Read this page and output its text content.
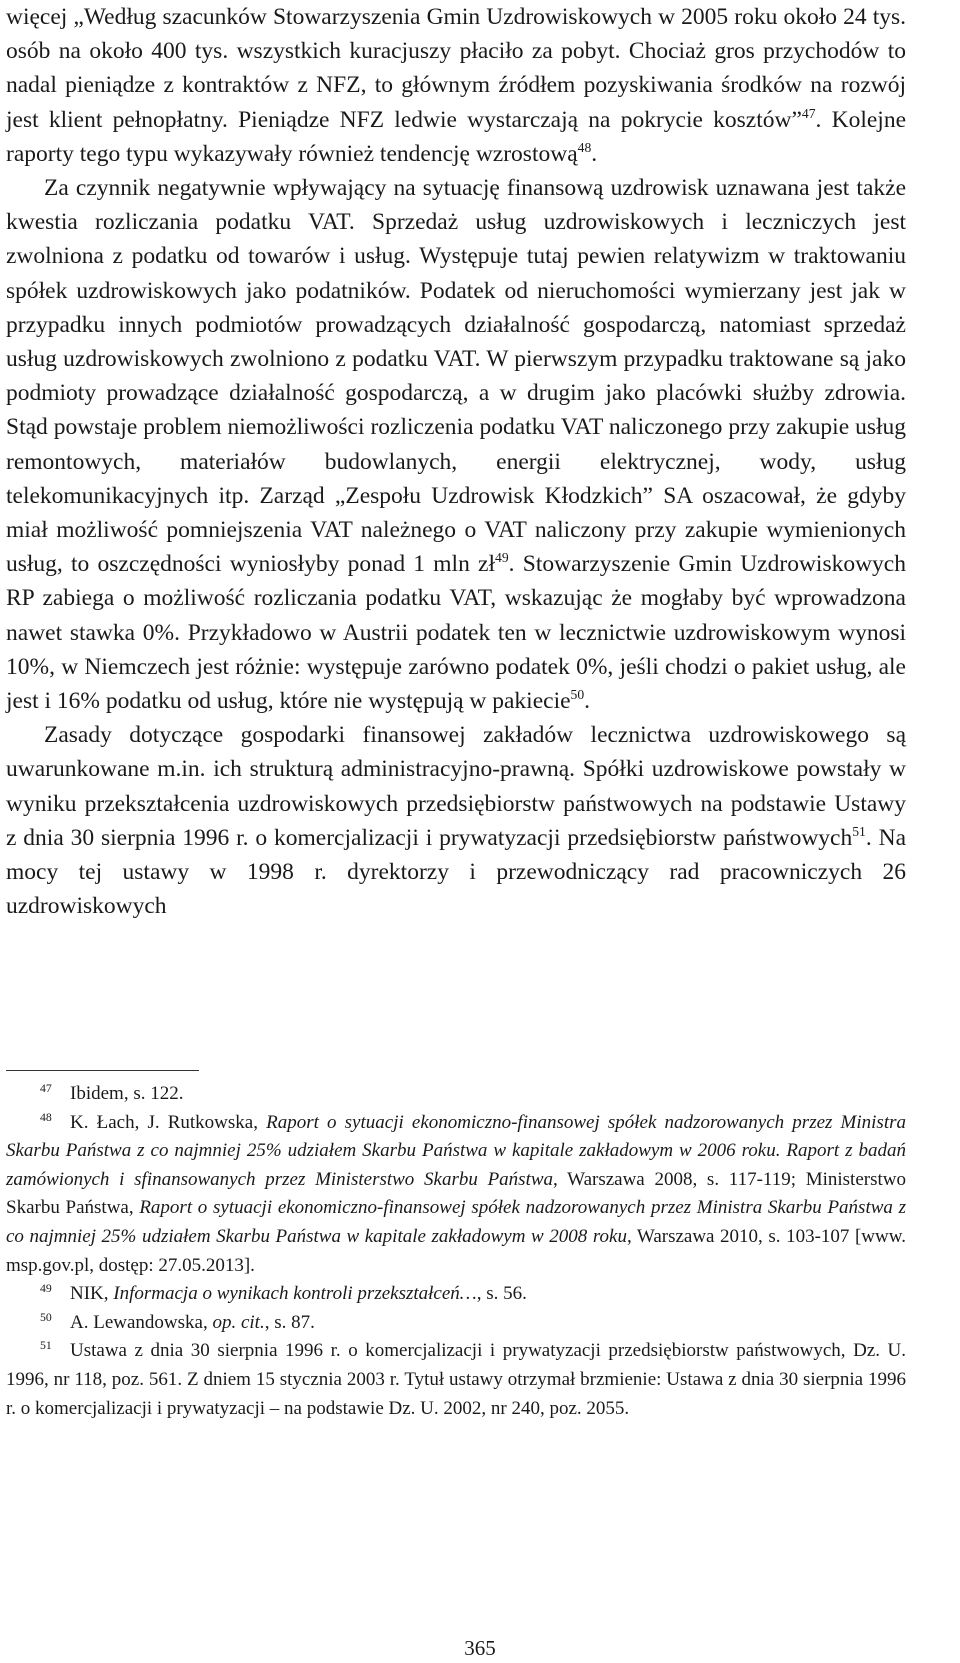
więcej „Według szacunków Stowarzyszenia Gmin Uzdrowiskowych w 2005 roku około 24 tys. osób na około 400 tys. wszystkich kuracjuszy płaciło za pobyt. Chociaż gros przychodów to nadal pieniądze z kontraktów z NFZ, to głównym źródłem pozyskiwania środków na rozwój jest klient pełnopłatny. Pieniądze NFZ ledwie wystarczają na pokrycie kosztów”$^{47}$. Kolejne raporty tego typu wykazywały również tendencję wzrostową$^{48}$.

Za czynnik negatywnie wpływający na sytuację finansową uzdrowisk uznawana jest także kwestia rozliczania podatku VAT. Sprzedaż usług uzdrowiskowych i leczniczych jest zwolniona z podatku od towarów i usług. Występuje tutaj pewien relatywizm w traktowaniu spółek uzdrowiskowych jako podatników. Podatek od nieruchomości wymierzany jest jak w przypadku innych podmiotów prowadzących działalność gospodarczą, natomiast sprzedaż usług uzdrowiskowych zwolniono z podatku VAT. W pierwszym przypadku traktowane są jako podmioty prowadzące działalność gospodarczą, a w drugim jako placówki służby zdrowia. Stąd powstaje problem niemożliwości rozliczenia podatku VAT naliczonego przy zakupie usług remontowych, materiałów budowlanych, energii elektrycznej, wody, usług telekomunikacyjnych itp. Zarząd „Zespołu Uzdrowisk Kłodzkich” SA oszacował, że gdyby miał możliwość pomniejszenia VAT należnego o VAT naliczony przy zakupie wymienionych usług, to oszczędności wyniosłyby ponad 1 mln $zł^{49}$. Stowarzyszenie Gmin Uzdrowiskowych RP zabiega o możliwość rozliczania podatku VAT, wskazując że mogłaby być wprowadzona nawet stawka 0%. Przykładowo w Austrii podatek ten w lecznictwie uzdrowiskowym wynosi 10%, w Niemczech jest różnie: występuje zarówno podatek 0%, jeśli chodzi o pakiet usług, ale jest i 16% podatku od usług, które nie występują w pakiecie$^{50}$.

Zasady dotyczące gospodarki finansowej zakładów lecznictwa uzdrowiskowego są uwarunkowane m.in. ich strukturą administracyjno-prawną. Spółki uzdrowiskowe powstały w wyniku przekształcenia uzdrowiskowych przedsiębiorstw państwowych na podstawie Ustawy z dnia 30 sierpnia 1996 r. o komercjalizacji i prywatyzacji przedsiębiorstw państwowych$^{51}$. Na mocy tej ustawy w 1998 r. dyrektorzy i przewodniczący rad pracowniczych 26 uzdrowiskowych

47 Ibidem, s. 122.

48 K. Łach, J. Rutkowska, Raport o sytuacji ekonomiczno-finansowej spółek nadzorowanych przez Ministra Skarbu Państwa z co najmniej 25% udziałem Skarbu Państwa w kapitale zakładowym w 2006 roku. Raport z badań zamówionych i sfinansowanych przez Ministerstwo Skarbu Państwa, Warszawa 2008, s. 117-119; Ministerstwo Skarbu Państwa, Raport o sytuacji ekonomiczno-finansowej spółek nadzorowanych przez Ministra Skarbu Państwa z co najmniej 25% udziałem Skarbu Państwa w kapitale zakładowym w 2008 roku, Warszawa 2010, s. 103-107 [www. msp.gov.pl, dostęp: 27.05.2013].

49 NIK, Informacja o wynikach kontroli przekształceń…, s. 56.

50 A. Lewandowska, op. cit., s. 87.

51 Ustawa z dnia 30 sierpnia 1996 r. o komercjalizacji i prywatyzacji przedsiębiorstw państwowych, Dz. U. 1996, nr 118, poz. 561. Z dniem 15 stycznia 2003 r. Tytuł ustawy otrzymał brzmienie: Ustawa z dnia 30 sierpnia 1996 r. o komercjalizacji i prywatyzacji – na podstawie Dz. U. 2002, nr 240, poz. 2055.

365
